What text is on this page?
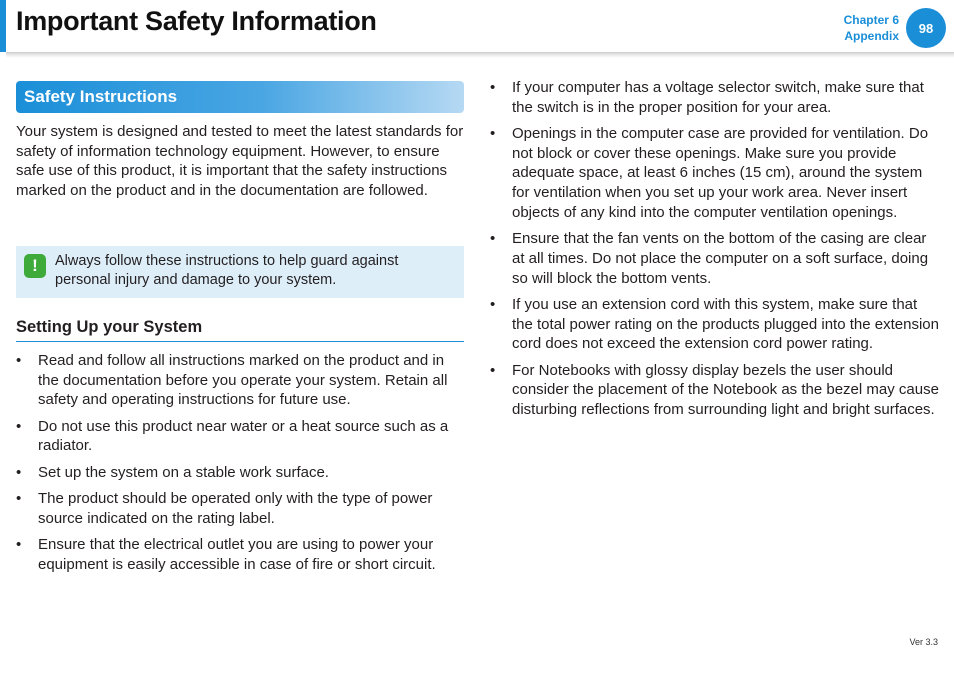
Important Safety Information	Chapter 6
Appendix
98
Safety Instructions

Your system is designed and tested to meet the latest standards for safety of information technology equipment. However, to ensure safe use of this product, it is important that the safety instructions marked on the product and in the documentation are followed.

!	Always follow these instructions to help guard against personal injury and damage to your system.
Setting Up your System
• Read and follow all instructions marked on the product and in the documentation before you operate your system. Retain all safety and operating instructions for future use.
• Do not use this product near water or a heat source such as a radiator.
• Set up the system on a stable work surface.
• The product should be operated only with the type of power source indicated on the rating label.
• Ensure that the electrical outlet you are using to power your equipment is easily accessible in case of fire or short circuit.
• If your computer has a voltage selector switch, make sure that the switch is in the proper position for your area.
• Openings in the computer case are provided for ventilation. Do not block or cover these openings. Make sure you provide adequate space, at least 6 inches (15 cm), around the system for ventilation when you set up your work area. Never insert objects of any kind into the computer ventilation openings.
• Ensure that the fan vents on the bottom of the casing are clear at all times. Do not place the computer on a soft surface, doing so will block the bottom vents.
• If you use an extension cord with this system, make sure that the total power rating on the products plugged into the extension cord does not exceed the extension cord power rating.
• For Notebooks with glossy display bezels the user should consider the placement of the Notebook as the bezel may cause disturbing reflections from surrounding light and bright surfaces.
Ver 3.3
